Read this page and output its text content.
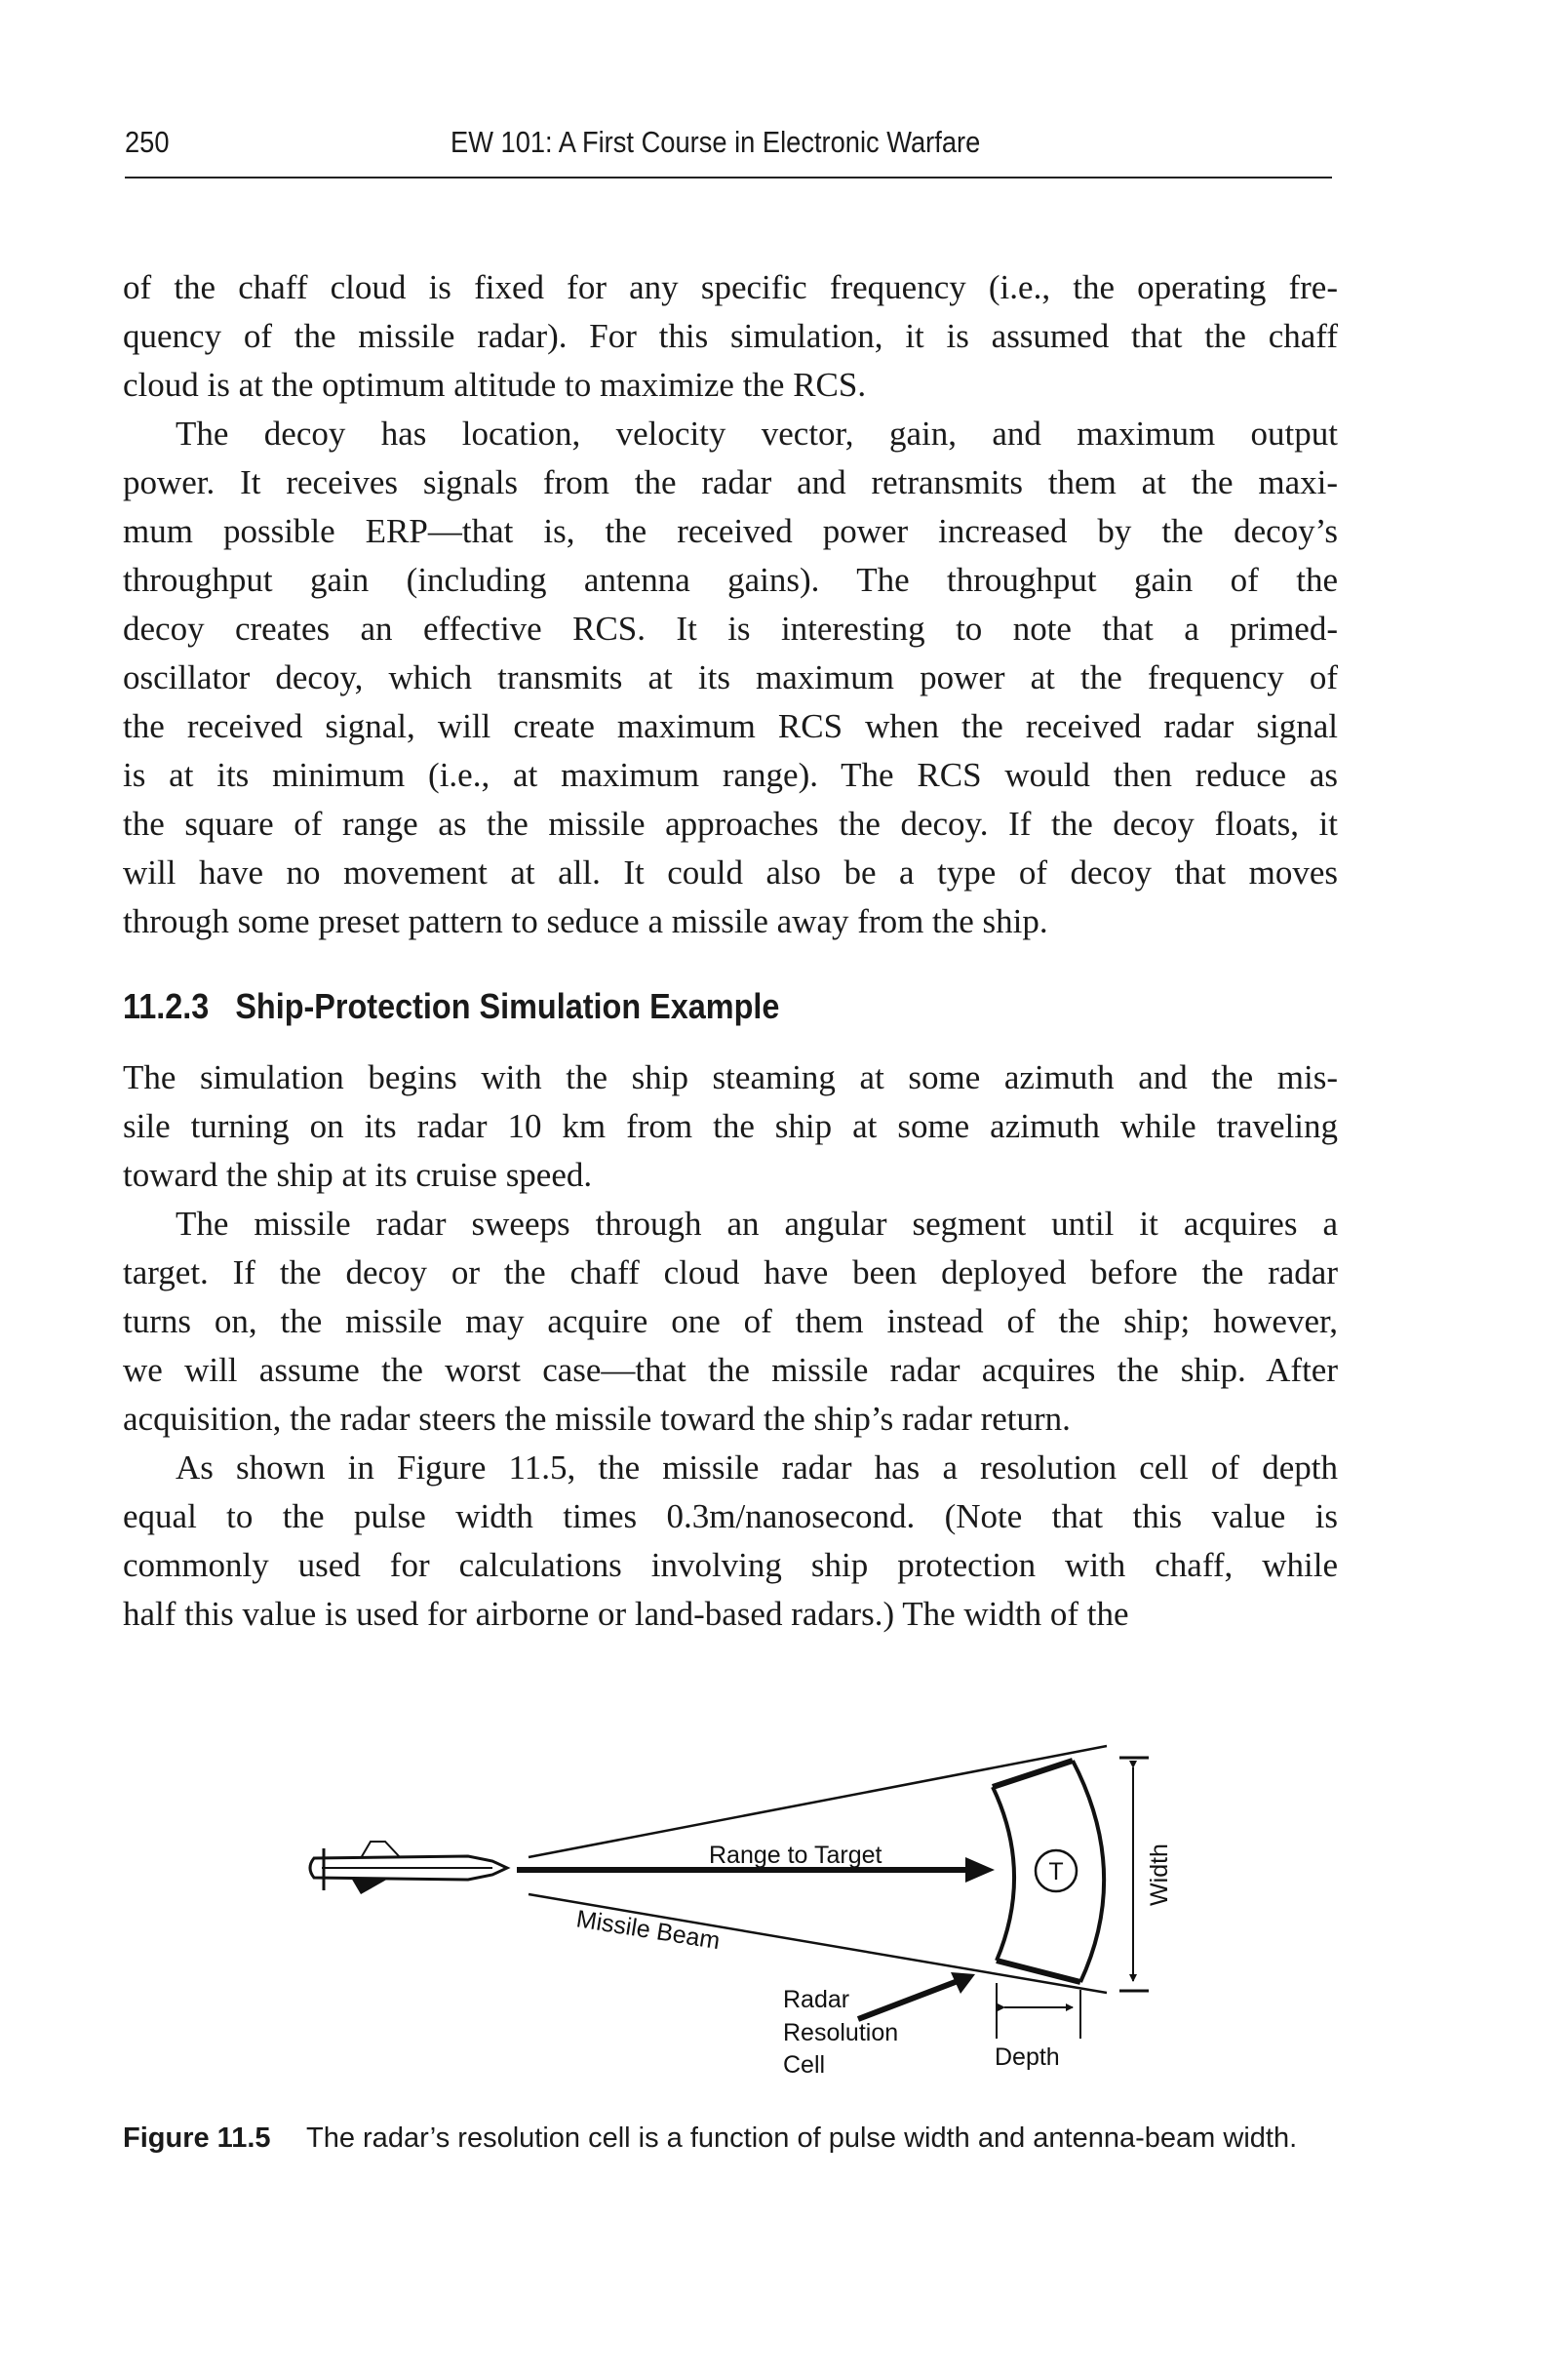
250	EW 101: A First Course in Electronic Warfare
of the chaff cloud is fixed for any specific frequency (i.e., the operating fre-
quency of the missile radar). For this simulation, it is assumed that the chaff
cloud is at the optimum altitude to maximize the RCS.
The decoy has location, velocity vector, gain, and maximum output
power. It receives signals from the radar and retransmits them at the maxi-
mum possible ERP—that is, the received power increased by the decoy’s
throughput gain (including antenna gains). The throughput gain of the
decoy creates an effective RCS. It is interesting to note that a primed-
oscillator decoy, which transmits at its maximum power at the frequency of
the received signal, will create maximum RCS when the received radar signal
is at its minimum (i.e., at maximum range). The RCS would then reduce as
the square of range as the missile approaches the decoy. If the decoy floats, it
will have no movement at all. It could also be a type of decoy that moves
through some preset pattern to seduce a missile away from the ship.
11.2.3 Ship-Protection Simulation Example
The simulation begins with the ship steaming at some azimuth and the mis-
sile turning on its radar 10 km from the ship at some azimuth while traveling
toward the ship at its cruise speed.
The missile radar sweeps through an angular segment until it acquires a
target. If the decoy or the chaff cloud have been deployed before the radar
turns on, the missile may acquire one of them instead of the ship; however,
we will assume the worst case—that the missile radar acquires the ship. After
acquisition, the radar steers the missile toward the ship’s radar return.
As shown in Figure 11.5, the missile radar has a resolution cell of depth
equal to the pulse width times 0.3m/nanosecond. (Note that this value is
commonly used for calculations involving ship protection with chaff, while
half this value is used for airborne or land-based radars.) The width of the
T
Range to Target
Missile Beam
Width
Radar
Resolution
Cell	Depth
Figure 11.5 The radar’s resolution cell is a function of pulse width and antenna-beam width.
